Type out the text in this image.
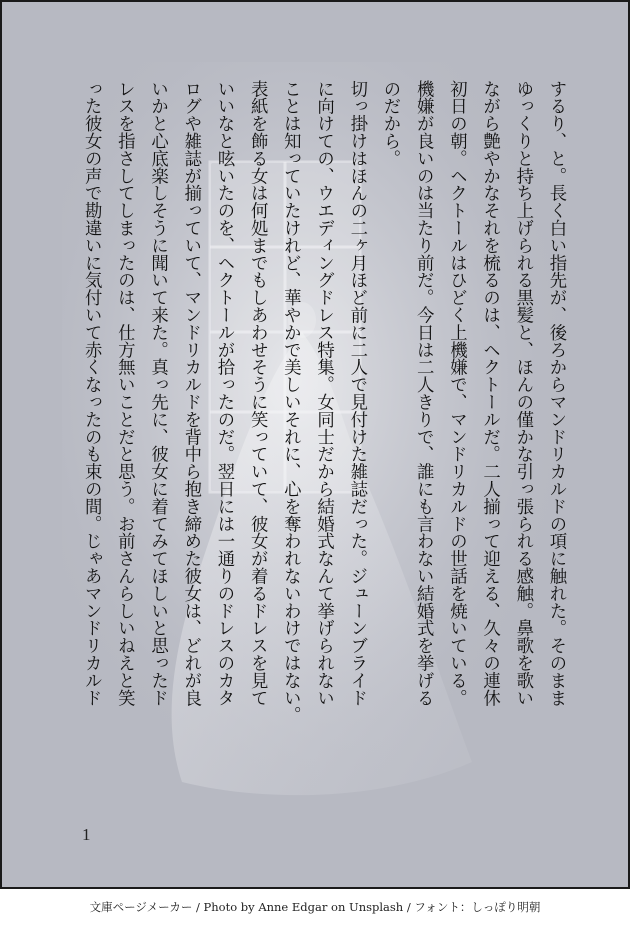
するり、と。長く白い指先が、後ろからマンドリカルドの項に触れた。そのまま
ゆっくりと持ち上げられる黒髪と、ほんの僅かな引っ張られる感触。鼻歌を歌い
ながら艶やかなそれを梳るのは、ヘクトールだ。二人揃って迎える、久々の連休
初日の朝。ヘクトールはひどく上機嫌で、マンドリカルドの世話を焼いている。
機嫌が良いのは当たり前だ。今日は二人きりで、誰にも言わない結婚式を挙げる
のだから。
切っ掛けはほんの二ヶ月ほど前に二人で見付けた雑誌だった。ジューンブライド
に向けての、ウエディングドレス特集。女同士だから結婚式なんて挙げられない
ことは知っていたけれど、華やかで美しいそれに、心を奪われないわけではない。
表紙を飾る女は何処までもしあわせそうに笑っていて、彼女が着るドレスを見て
いいなと呟いたのを、ヘクトールが拾ったのだ。翌日には一通りのドレスのカタ
ログや雑誌が揃っていて、マンドリカルドを背中ら抱き締めた彼女は、どれが良
いかと心底楽しそうに聞いて来た。真っ先に、彼女に着てみてほしいと思ったド
レスを指さしてしまったのは、仕方無いことだと思う。お前さんらしいねえと笑
った彼女の声で勘違いに気付いて赤くなったのも束の間。じゃあマンドリカルド
1
文庫ページメーカー / Photo by Anne Edgar on Unsplash / フォント：しっぽり明朝
